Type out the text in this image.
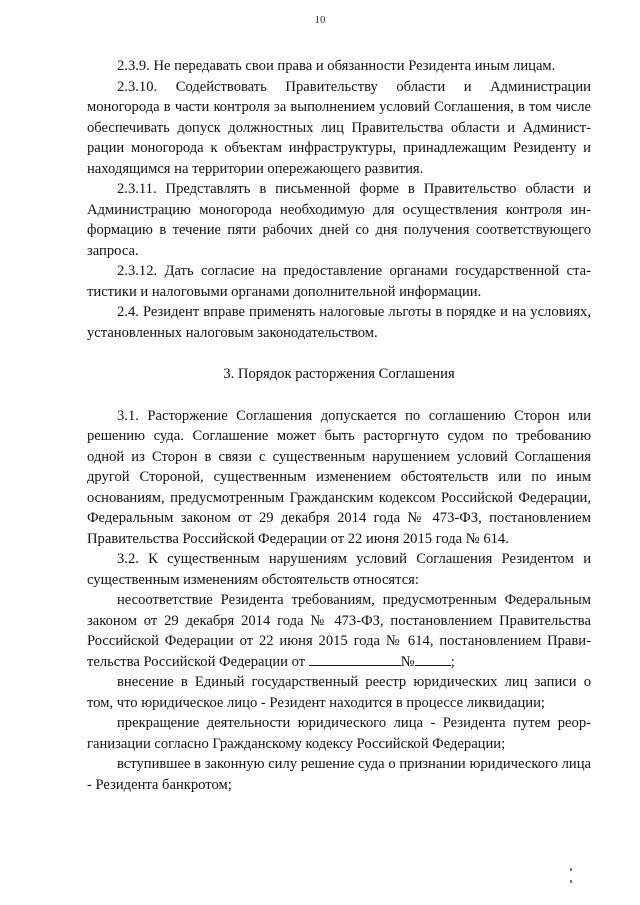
10

2.3.9. Не передавать свои права и обязанности Резидента иным лицам.

2.3.10. Содействовать Правительству области и Администрации моногорода в части контроля за выполнением условий Соглашения, в том числе обеспечивать допуск должностных лиц Правительства области и Администрации моногорода к объектам инфраструктуры, принадлежащим Резиденту и находящимся на территории опережающего развития.

2.3.11. Представлять в письменной форме в Правительство области и Администрацию моногорода необходимую для осуществления контроля информацию в течение пяти рабочих дней со дня получения соответствующего запроса.

2.3.12. Дать согласие на предоставление органами государственной статистики и налоговыми органами дополнительной информации.

2.4. Резидент вправе применять налоговые льготы в порядке и на условиях, установленных налоговым законодательством.

3. Порядок расторжения Соглашения

3.1. Расторжение Соглашения допускается по соглашению Сторон или решению суда. Соглашение может быть расторгнуто судом по требованию одной из Сторон в связи с существенным нарушением условий Соглашения другой Стороной, существенным изменением обстоятельств или по иным основаниям, предусмотренным Гражданским кодексом Российской Федерации, Федеральным законом от 29 декабря 2014 года № 473-ФЗ, постановлением Правительства Российской Федерации от 22 июня 2015 года № 614.

3.2. К существенным нарушениям условий Соглашения Резидентом и существенным изменениям обстоятельств относятся:

несоответствие Резидента требованиям, предусмотренным Федеральным законом от 29 декабря 2014 года № 473-ФЗ, постановлением Правительства Российской Федерации от 22 июня 2015 года № 614, постановлением Правительства Российской Федерации от	№ ;

внесение в Единый государственный реестр юридических лиц записи о том, что юридическое лицо - Резидент находится в процессе ликвидации;

прекращение деятельности юридического лица - Резидента путем реорганизации согласно Гражданскому кодексу Российской Федерации;

вступившее в законную силу решение суда о признании юридического лица - Резидента банкротом;
